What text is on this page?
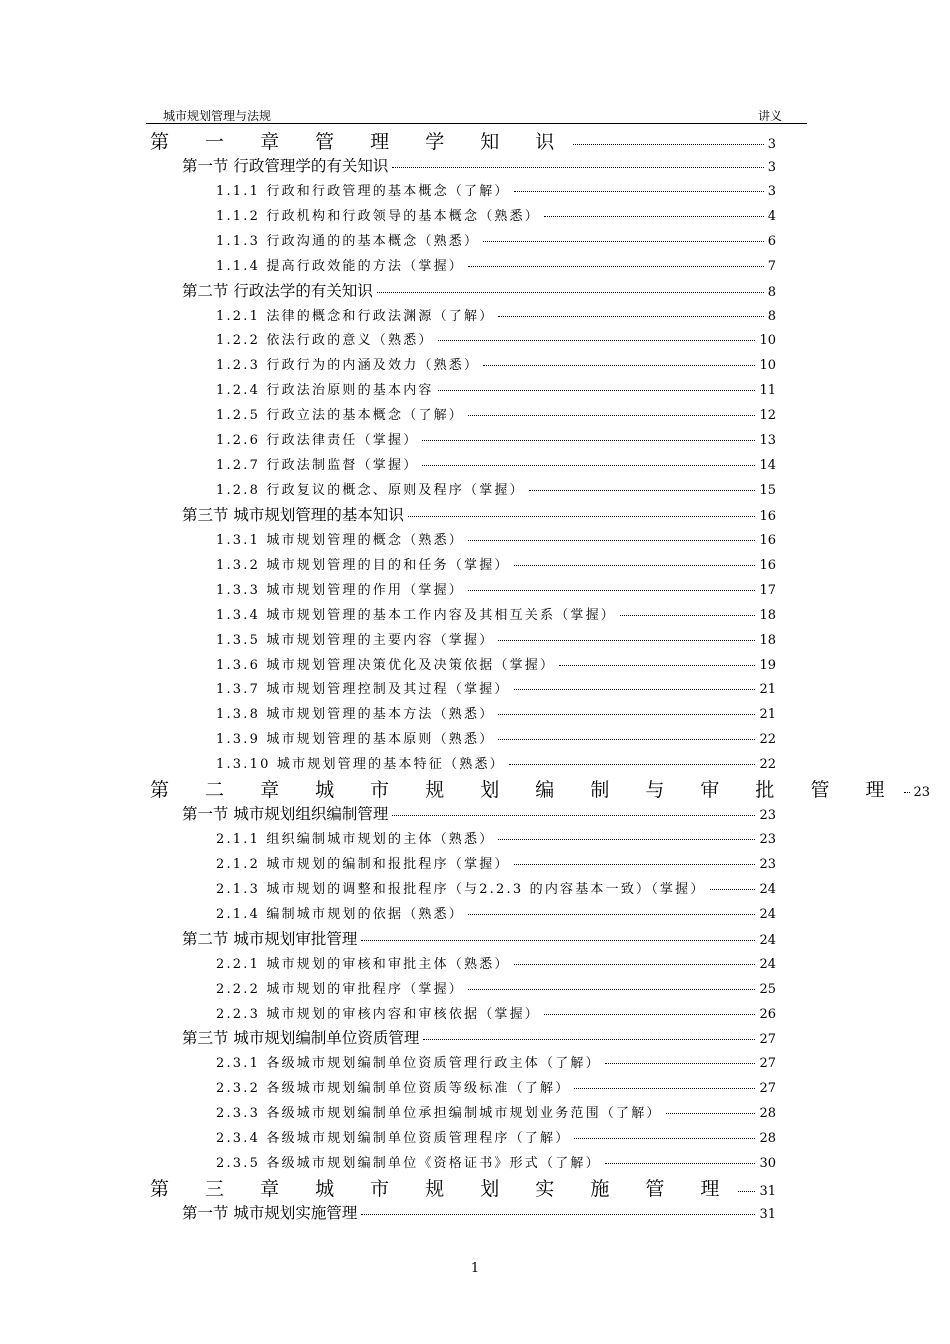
城市规划管理与法规	讲义
第 一 章 管 理 学 知 识	3
第一节 行政管理学的有关知识	3
1.1.1 行政和行政管理的基本概念（了解）	3
1.1.2 行政机构和行政领导的基本概念（熟悉）	4
1.1.3 行政沟通的的基本概念（熟悉）	6
1.1.4 提高行政效能的方法（掌握）	7
第二节 行政法学的有关知识	8
1.2.1 法律的概念和行政法渊源（了解）	8
1.2.2 依法行政的意义（熟悉）	10
1.2.3 行政行为的内涵及效力（熟悉）	10
1.2.4 行政法治原则的基本内容	11
1.2.5 行政立法的基本概念（了解）	12
1.2.6 行政法律责任（掌握）	13
1.2.7 行政法制监督（掌握）	14
1.2.8 行政复议的概念、原则及程序（掌握）	15
第三节 城市规划管理的基本知识	16
1.3.1 城市规划管理的概念（熟悉）	16
1.3.2 城市规划管理的目的和任务（掌握）	16
1.3.3 城市规划管理的作用（掌握）	17
1.3.4 城市规划管理的基本工作内容及其相互关系（掌握）	18
1.3.5 城市规划管理的主要内容（掌握）	18
1.3.6 城市规划管理决策优化及决策依据（掌握）	19
1.3.7 城市规划管理控制及其过程（掌握）	21
1.3.8 城市规划管理的基本方法（熟悉）	21
1.3.9 城市规划管理的基本原则（熟悉）	22
1.3.10 城市规划管理的基本特征（熟悉）	22
第 二 章 城 市 规 划 编 制 与 审 批 管 理 23
第一节 城市规划组织编制管理	23
2.1.1 组织编制城市规划的主体（熟悉）	23
2.1.2 城市规划的编制和报批程序（掌握）	23
2.1.3 城市规划的调整和报批程序（与2.2.3 的内容基本一致）（掌握）	24
2.1.4 编制城市规划的依据（熟悉）	24
第二节 城市规划审批管理	24
2.2.1 城市规划的审核和审批主体（熟悉）	24
2.2.2 城市规划的审批程序（掌握）	25
2.2.3 城市规划的审核内容和审核依据（掌握）	26
第三节 城市规划编制单位资质管理	27
2.3.1 各级城市规划编制单位资质管理行政主体（了解）	27
2.3.2 各级城市规划编制单位资质等级标准（了解）	27
2.3.3 各级城市规划编制单位承担编制城市规划业务范围（了解）	28
2.3.4 各级城市规划编制单位资质管理程序（了解）	28
2.3.5 各级城市规划编制单位《资格证书》形式（了解）	30
第 三 章 城 市 规 划 实 施 管 理 31
第一节 城市规划实施管理	31
1
